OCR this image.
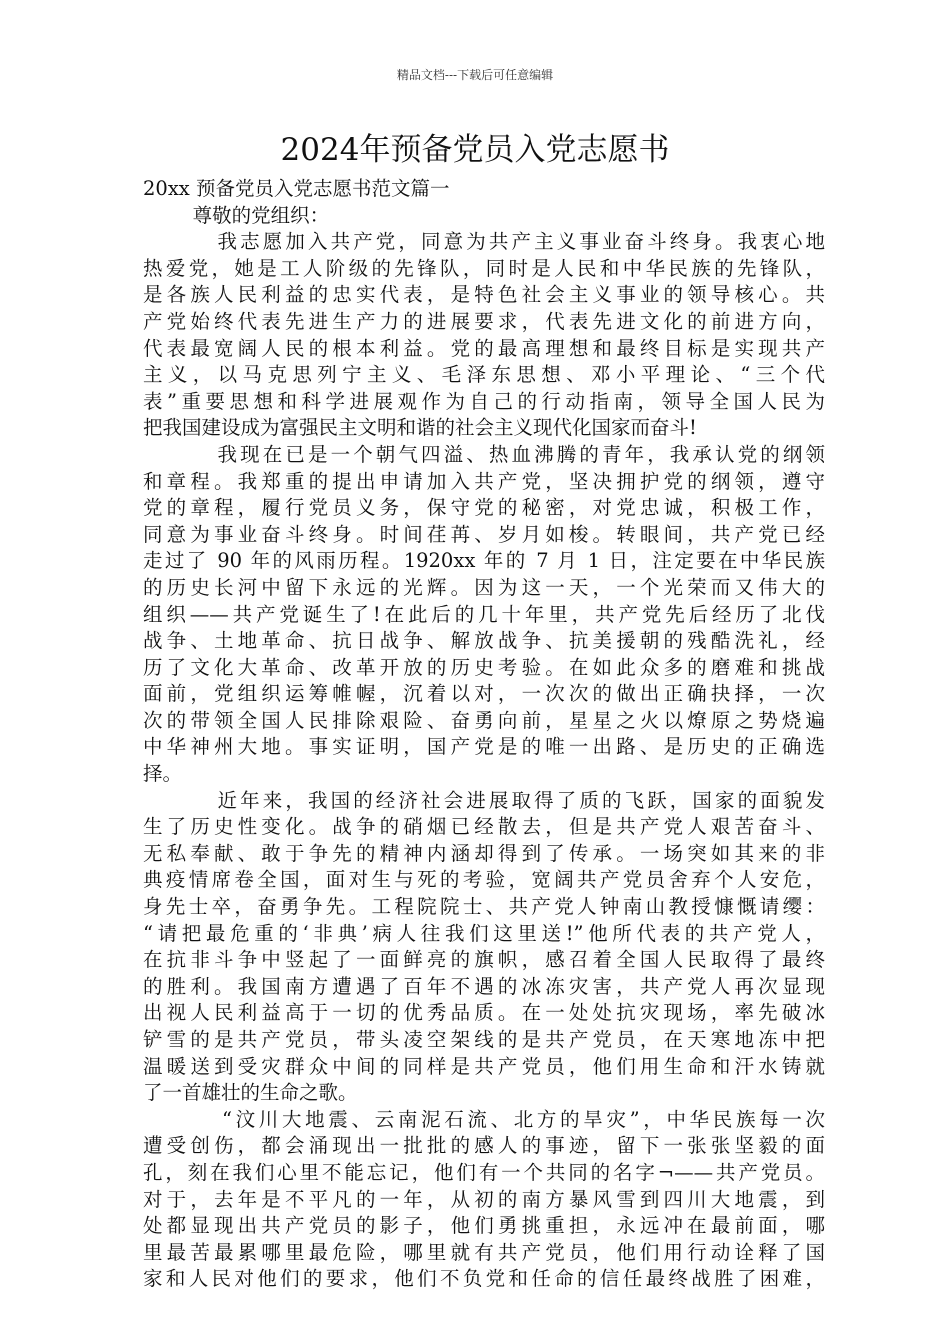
精品文档---下载后可任意编辑
2024年预备党员入党志愿书
20xx 预备党员入党志愿书范文篇一
尊敬的党组织：
我志愿加入共产党，同意为共产主义事业奋斗终身。我衷心地
热爱党，她是工人阶级的先锋队，同时是人民和中华民族的先锋队，
是各族人民利益的忠实代表，是特色社会主义事业的领导核心。共
产党始终代表先进生产力的进展要求，代表先进文化的前进方向，
代表最宽阔人民的根本利益。党的最高理想和最终目标是实现共产
主义，以马克思列宁主义、毛泽东思想、邓小平理论、“三个代
表”重要思想和科学进展观作为自己的行动指南，领导全国人民为
把我国建设成为富强民主文明和谐的社会主义现代化国家而奋斗!
我现在已是一个朝气四溢、热血沸腾的青年，我承认党的纲领
和章程。我郑重的提出申请加入共产党，坚决拥护党的纲领，遵守
党的章程，履行党员义务，保守党的秘密，对党忠诚，积极工作，
同意为事业奋斗终身。时间荏苒、岁月如梭。转眼间，共产党已经
走过了 90 年的风雨历程。1920xx 年的 7 月 1 日，注定要在中华民族
的历史长河中留下永远的光辉。因为这一天，一个光荣而又伟大的
组织——共产党诞生了!在此后的几十年里，共产党先后经历了北伐
战争、土地革命、抗日战争、解放战争、抗美援朝的残酷洗礼，经
历了文化大革命、改革开放的历史考验。在如此众多的磨难和挑战
面前，党组织运筹帷幄，沉着以对，一次次的做出正确抉择，一次
次的带领全国人民排除艰险、奋勇向前，星星之火以燎原之势烧遍
中华神州大地。事实证明，国产党是的唯一出路、是历史的正确选
择。
近年来，我国的经济社会进展取得了质的飞跃，国家的面貌发
生了历史性变化。战争的硝烟已经散去，但是共产党人艰苦奋斗、
无私奉献、敢于争先的精神内涵却得到了传承。一场突如其来的非
典疫情席卷全国，面对生与死的考验，宽阔共产党员舍弃个人安危，
身先士卒，奋勇争先。工程院院士、共产党人钟南山教授慷慨请缨：
“请把最危重的‘非典’病人往我们这里送!”他所代表的共产党人，
在抗非斗争中竖起了一面鲜亮的旗帜，感召着全国人民取得了最终
的胜利。我国南方遭遇了百年不遇的冰冻灾害，共产党人再次显现
出视人民利益高于一切的优秀品质。在一处处抗灾现场，率先破冰
铲雪的是共产党员，带头凌空架线的是共产党员，在天寒地冻中把
温暖送到受灾群众中间的同样是共产党员，他们用生命和汗水铸就
了一首雄壮的生命之歌。
“汶川大地震、云南泥石流、北方的旱灾”，中华民族每一次
遭受创伤，都会涌现出一批批的感人的事迹，留下一张张坚毅的面
孔，刻在我们心里不能忘记，他们有一个共同的名字¬——共产党员。
对于，去年是不平凡的一年，从初的南方暴风雪到四川大地震，到
处都显现出共产党员的影子，他们勇挑重担，永远冲在最前面，哪
里最苦最累哪里最危险，哪里就有共产党员，他们用行动诠释了国
家和人民对他们的要求，他们不负党和任命的信任最终战胜了困难，
